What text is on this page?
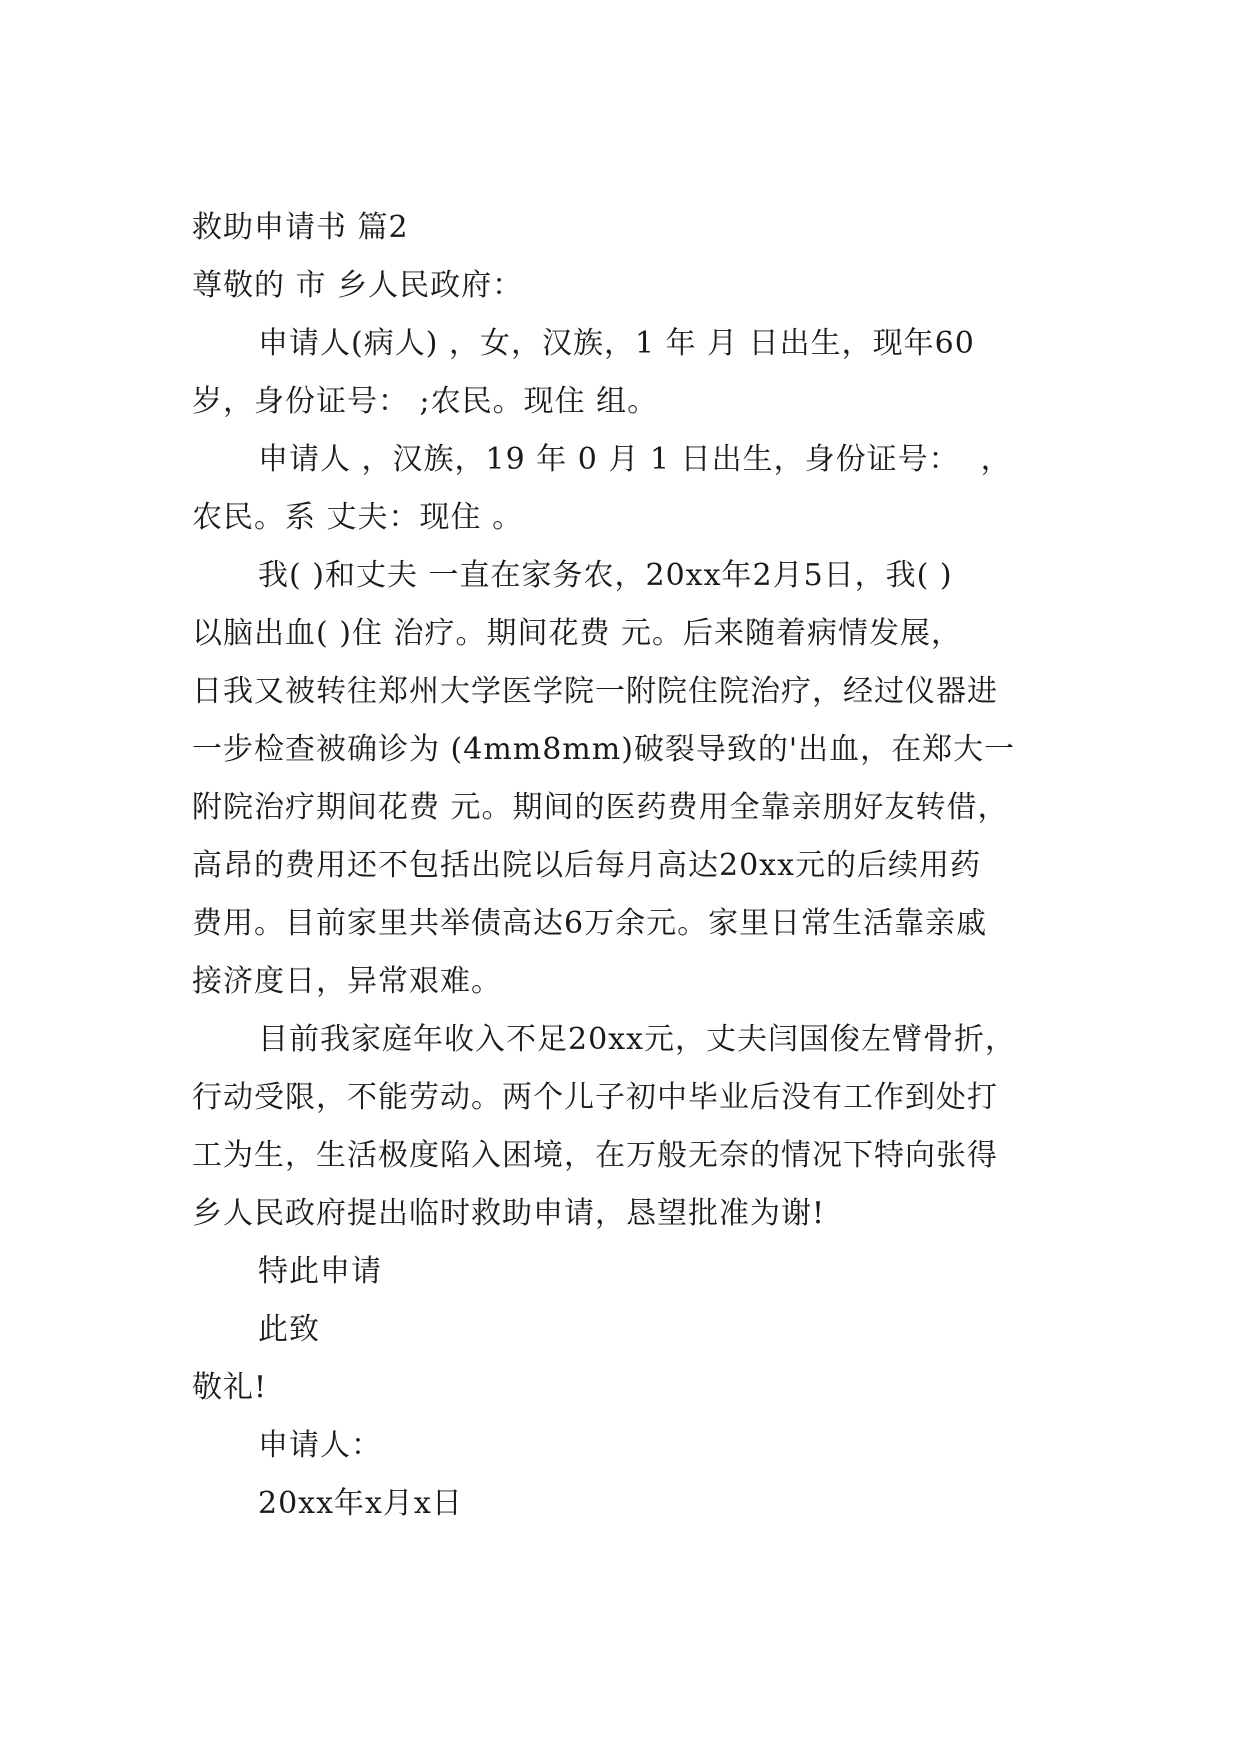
救助申请书 篇2
尊敬的 市 乡人民政府：
申请人(病人) ，女，汉族，1 年 月 日出生，现年60
岁，身份证号： ;农民。现住 组。
申请人 ，汉族，19 年 0 月 1 日出生，身份证号：  ，
农民。系 丈夫：现住 。
我( )和丈夫 一直在家务农，20xx年2月5日，我( )
以脑出血( )住 治疗。期间花费 元。后来随着病情发展，
日我又被转往郑州大学医学院一附院住院治疗，经过仪器进
一步检查被确诊为 (4mm8mm)破裂导致的'出血，在郑大一
附院治疗期间花费 元。期间的医药费用全靠亲朋好友转借，
高昂的费用还不包括出院以后每月高达20xx元的后续用药
费用。目前家里共举债高达6万余元。家里日常生活靠亲戚
接济度日，异常艰难。
目前我家庭年收入不足20xx元，丈夫闫国俊左臂骨折，
行动受限，不能劳动。两个儿子初中毕业后没有工作到处打
工为生，生活极度陷入困境，在万般无奈的情况下特向张得
乡人民政府提出临时救助申请，恳望批准为谢!
特此申请
此致
敬礼!
申请人：
20xx年x月x日
